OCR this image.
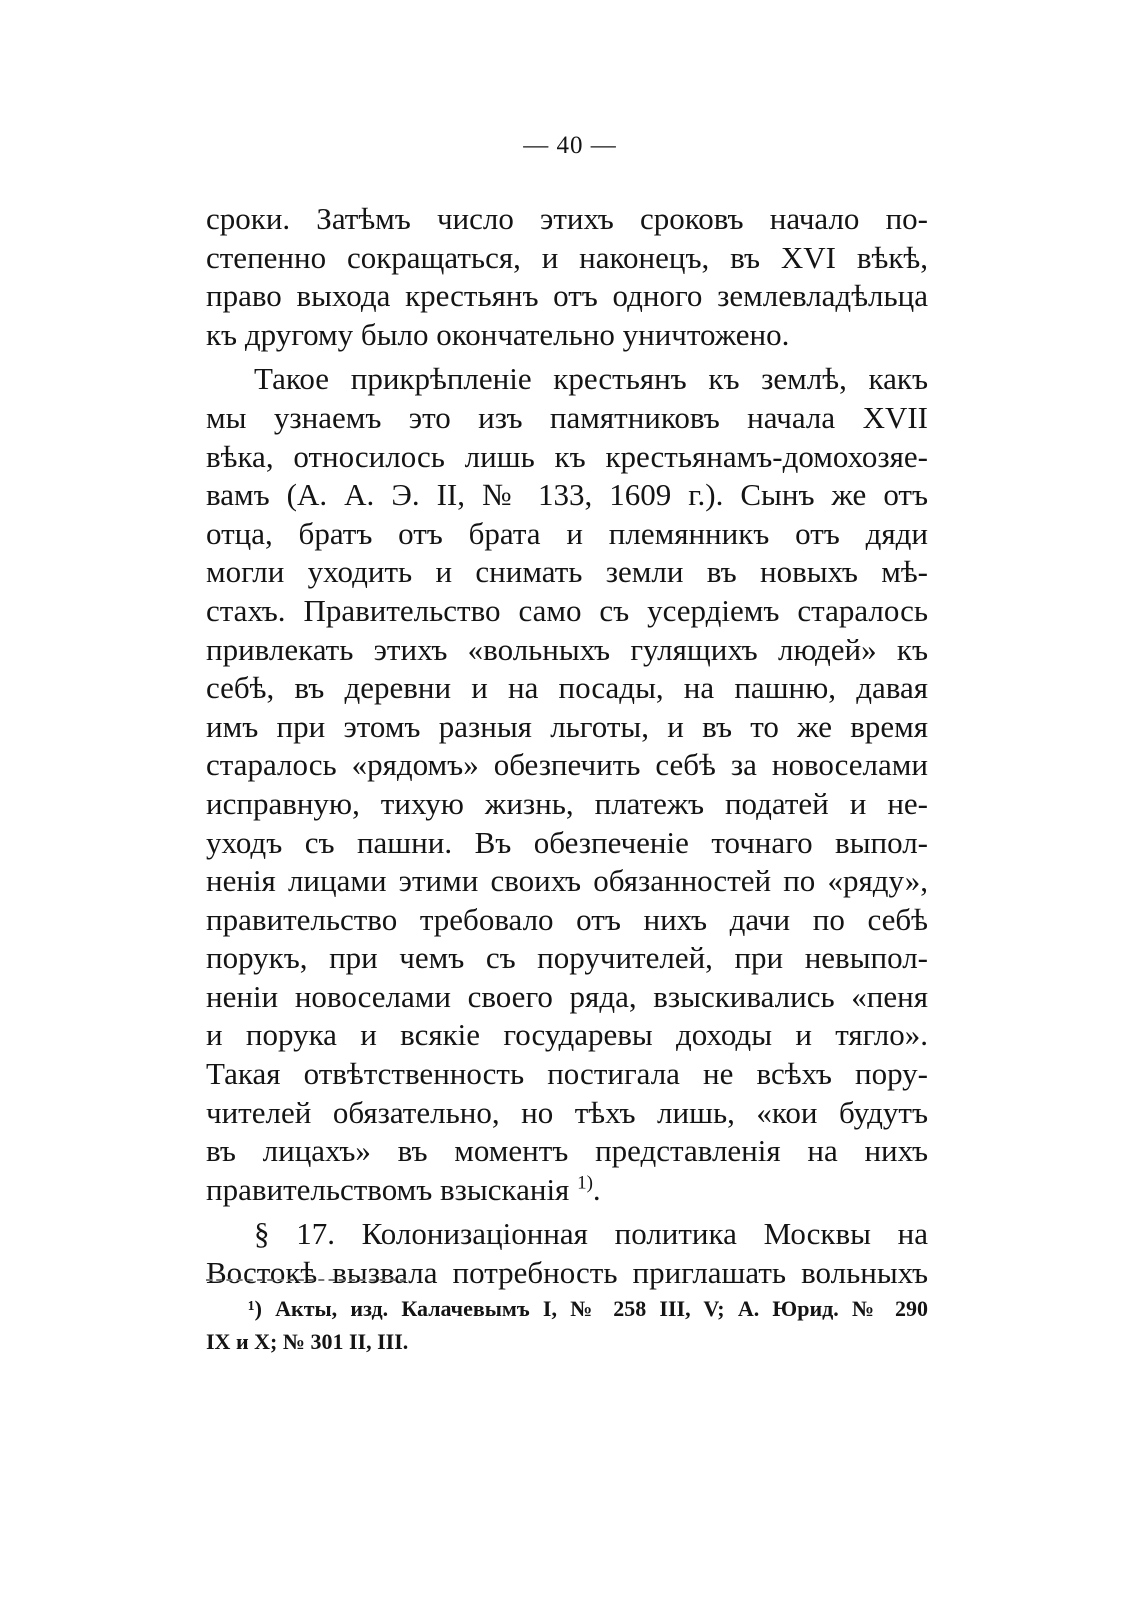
— 40 —
сроки. Затѣмъ число этихъ сроковъ начало по-
степенно сокращаться, и наконецъ, въ XVI вѣкѣ,
право выхода крестьянъ отъ одного землевладѣльца
къ другому было окончательно уничтожено.
Такое прикрѣпленіе крестьянъ къ землѣ, какъ
мы узнаемъ это изъ памятниковъ начала XVII
вѣка, относилось лишь къ крестьянамъ-домохозяе-
вамъ (А. А. Э. II, № 133, 1609 г.). Сынъ же отъ
отца, братъ отъ брата и племянникъ отъ дяди
могли уходить и снимать земли въ новыхъ мѣ-
стахъ. Правительство само съ усердіемъ старалось
привлекать этихъ «вольныхъ гулящихъ людей» къ
себѣ, въ деревни и на посады, на пашню, давая
имъ при этомъ разныя льготы, и въ то же время
старалось «рядомъ» обезпечить себѣ за новоселами
исправную, тихую жизнь, платежъ податей и не-
уходъ съ пашни. Въ обезпеченіе точнаго выпол-
ненія лицами этими своихъ обязанностей по «ряду»,
правительство требовало отъ нихъ дачи по себѣ
порукъ, при чемъ съ поручителей, при невыпол-
неніи новоселами своего ряда, взыскивались «пеня
и порука и всякіе государевы доходы и тягло».
Такая отвѣтственность постигала не всѣхъ пору-
чителей обязательно, но тѣхъ лишь, «кои будутъ
въ лицахъ» въ моментъ представленія на нихъ
правительствомъ взысканія $^{1)}$.
§ 17. Колонизаціонная политика Москвы на
Востокѣ вызвала потребность приглашать вольныхъ
¹) Акты, изд. Калачевымъ I, № 258 III, V; А. Юрид. № 290
IX и X; № 301 II, III.
